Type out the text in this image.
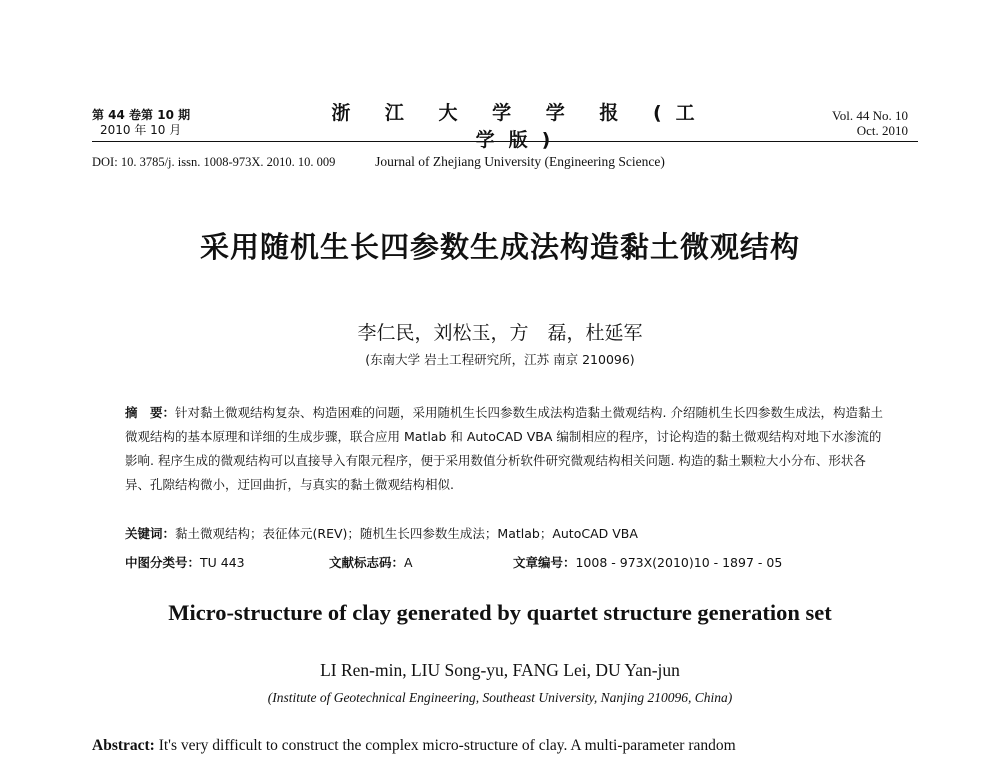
第 44 卷第 10 期
2010 年 10 月
浙 江 大 学 学 报 (工学版)
Journal of Zhejiang University (Engineering Science)
Vol. 44 No. 10
Oct. 2010
DOI: 10. 3785/j. issn. 1008-973X. 2010. 10. 009
采用随机生长四参数生成法构造黏土微观结构
李仁民，刘松玉，方　磊，杜延军
(东南大学 岩土工程研究所，江苏 南京 210096)
摘　要：针对黏土微观结构复杂、构造困难的问题，采用随机生长四参数生成法构造黏土微观结构. 介绍随机生长四参数生成法，构造黏土微观结构的基本原理和详细的生成步骤，联合应用 Matlab 和 AutoCAD VBA 编制相应的程序，讨论构造的黏土微观结构对地下水渗流的影响. 程序生成的微观结构可以直接导入有限元程序，便于采用数值分析软件研究微观结构相关问题. 构造的黏土颗粒大小分布、形状各异、孔隙结构微小，迂回曲折，与真实的黏土微观结构相似.
关键词：黏土微观结构；表征体元(REV)；随机生长四参数生成法；Matlab；AutoCAD VBA
中图分类号：TU 443	文献标志码：A	文章编号：1008 - 973X(2010)10 - 1897 - 05
Micro-structure of clay generated by quartet structure generation set
LI Ren-min, LIU Song-yu, FANG Lei, DU Yan-jun
(Institute of Geotechnical Engineering, Southeast University, Nanjing 210096, China)
Abstract: It's very difficult to construct the complex micro-structure of clay. A multi-parameter random
